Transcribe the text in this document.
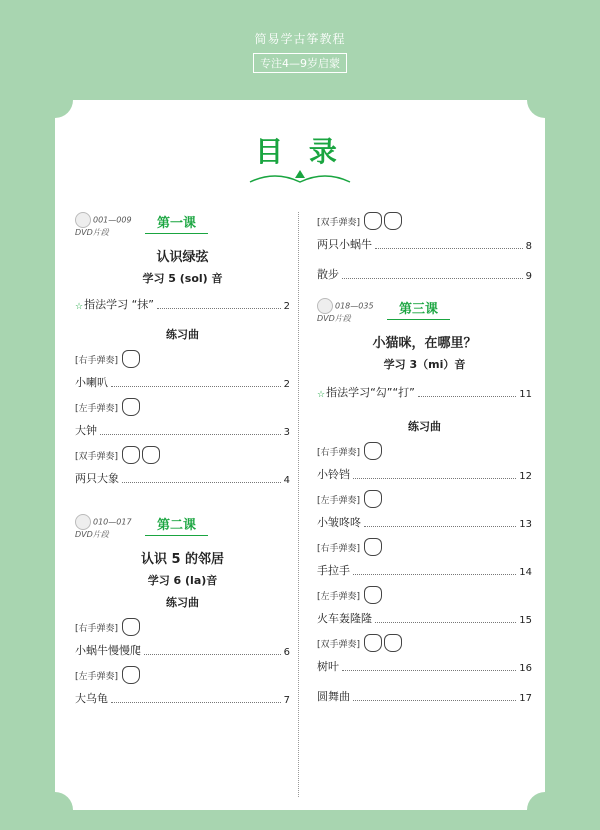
简易学古筝教程
专注4—9岁启蒙
目 录
001—009
DVD片段
第一课
认识绿弦
学习 5 (sol) 音
☆ 指法学习 “抹”	2
练习曲
[右手弹奏]
小喇叭	2
[左手弹奏]
大钟	3
[双手弹奏]
两只大象	4
010—017
DVD片段
第二课
认识 5 的邻居
学习 6 (la)音
练习曲
[右手弹奏]
小蜗牛慢慢爬	6
[左手弹奏]
大乌龟	7
[双手弹奏]
两只小蜗牛	8
散步	9
018—035
DVD片段
第三课
小猫咪，在哪里？
学习 3（mi）音
☆ 指法学习“勾”“打”	11
练习曲
[右手弹奏]
小铃铛	12
[左手弹奏]
小皱咚咚	13
[右手弹奏]
手拉手	14
[左手弹奏]
火车轰隆隆	15
[双手弹奏]
树叶	16
圆舞曲	17
